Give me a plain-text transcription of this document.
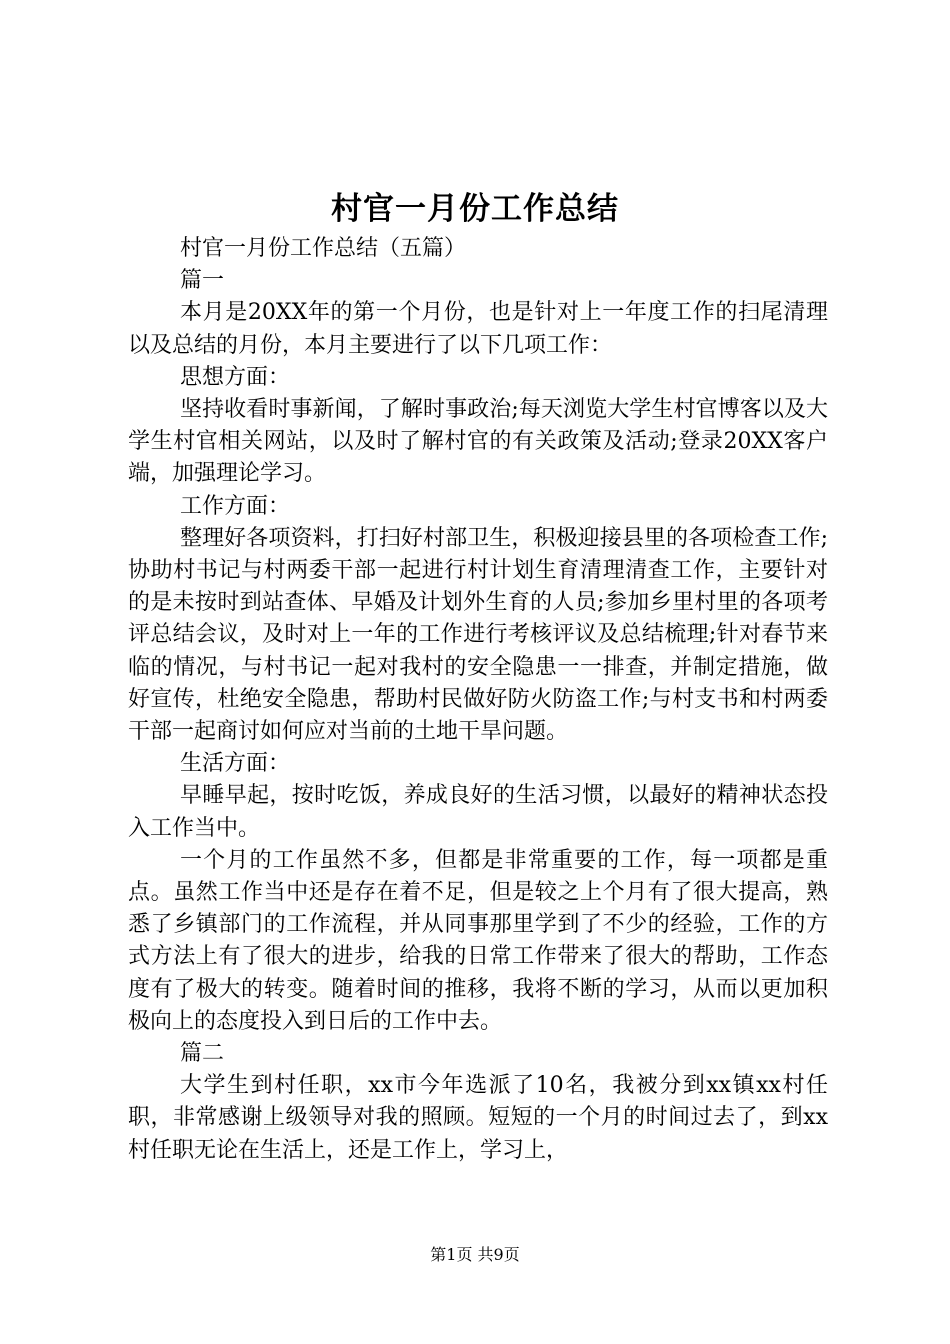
村官一月份工作总结

村官一月份工作总结（五篇）

篇一

本月是20XX年的第一个月份，也是针对上一年度工作的扫尾清理以及总结的月份，本月主要进行了以下几项工作：

思想方面：

坚持收看时事新闻，了解时事政治;每天浏览大学生村官博客以及大学生村官相关网站，以及时了解村官的有关政策及活动;登录20XX客户端，加强理论学习。

工作方面：

整理好各项资料，打扫好村部卫生，积极迎接县里的各项检查工作;协助村书记与村两委干部一起进行村计划生育清理清查工作，主要针对的是未按时到站查体、早婚及计划外生育的人员;参加乡里村里的各项考评总结会议，及时对上一年的工作进行考核评议及总结梳理;针对春节来临的情况，与村书记一起对我村的安全隐患一一排查，并制定措施，做好宣传，杜绝安全隐患，帮助村民做好防火防盗工作;与村支书和村两委干部一起商讨如何应对当前的土地干旱问题。

生活方面：

早睡早起，按时吃饭，养成良好的生活习惯，以最好的精神状态投入工作当中。

一个月的工作虽然不多，但都是非常重要的工作，每一项都是重点。虽然工作当中还是存在着不足，但是较之上个月有了很大提高，熟悉了乡镇部门的工作流程，并从同事那里学到了不少的经验，工作的方式方法上有了很大的进步，给我的日常工作带来了很大的帮助，工作态度有了极大的转变。随着时间的推移，我将不断的学习，从而以更加积极向上的态度投入到日后的工作中去。

篇二

大学生到村任职，xx市今年选派了10名，我被分到xx镇xx村任职，非常感谢上级领导对我的照顾。短短的一个月的时间过去了，到xx村任职无论在生活上，还是工作上，学习上，

第1页 共9页
